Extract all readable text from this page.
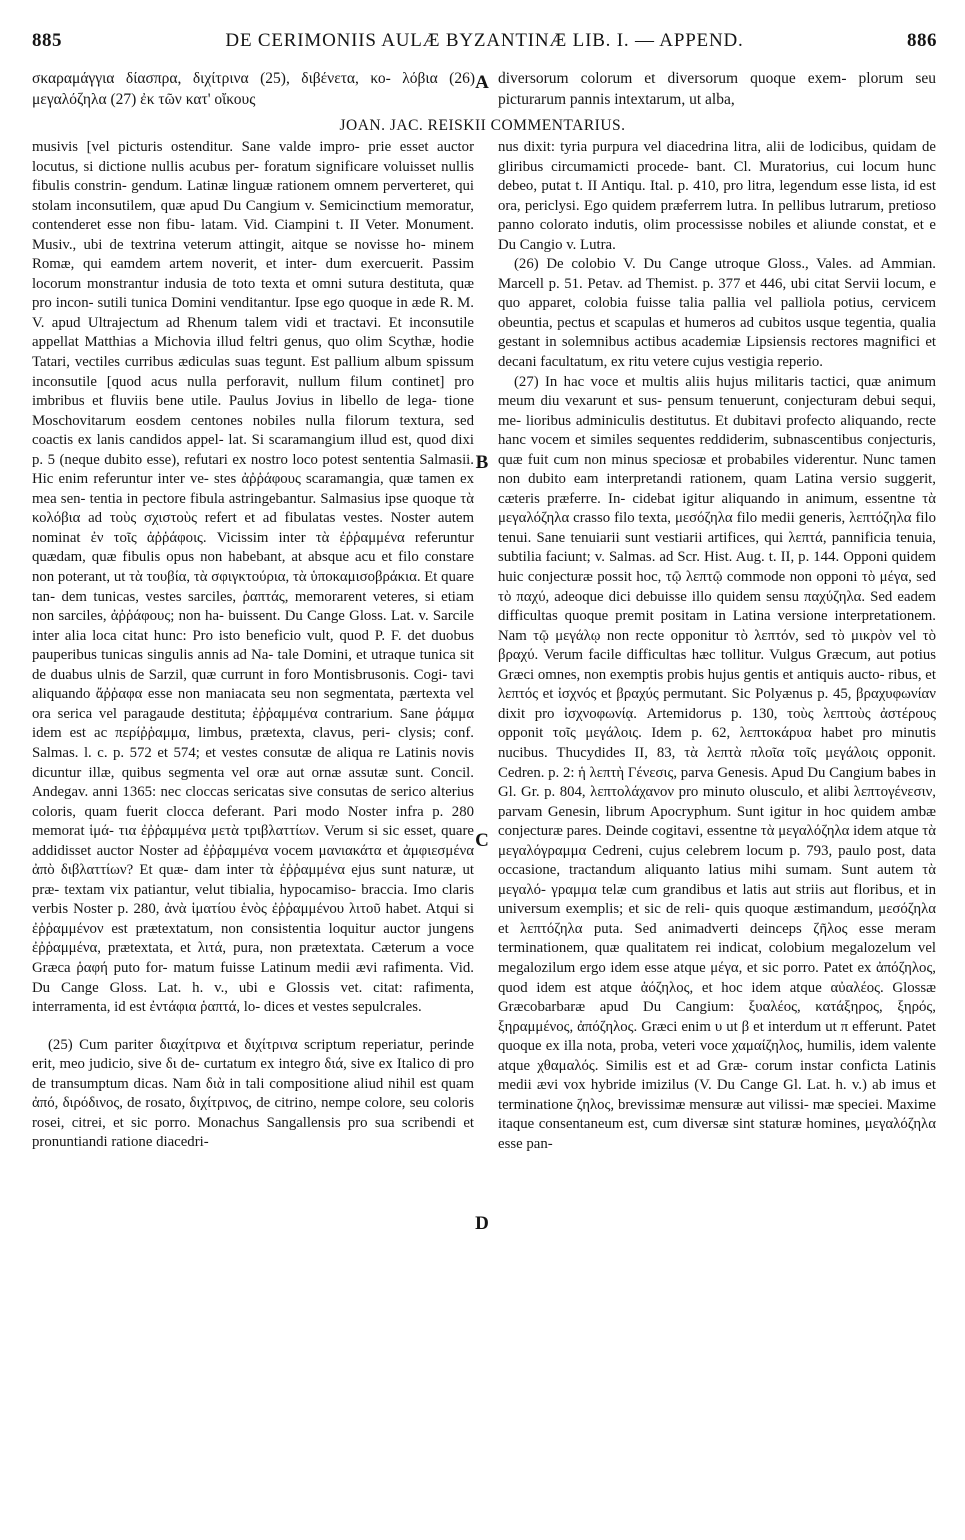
885	DE CERIMONIIS AULÆ BYZANTINÆ LIB. I. — APPEND.	886
σκαραμάγγια δίασπρα, διχίτρινα (25), διβένετα, κο- λόβια (26) μεγαλόζηλα (27) ἐκ τῶν κατ' οἴκους
diversorum colorum et diversorum quoque exem- plorum seu picturarum pannis intextarum, ut alba,
A
JOAN. JAC. REISKII COMMENTARIUS.

musivis [vel picturis ostenditur. Sane valde impro- prie esset auctor locutus, si dictione nullis acubus per- foratum significare voluisset nullis fibulis constrin- gendum. Latinæ linguæ rationem omnem perverteret, qui stolam inconsutilem, quæ apud Du Cangium v. Semicinctium memoratur, contenderet esse non fibu- latam. Vid. Ciampini t. II Veter. Monument. Musiv., ubi de textrina veterum attingit, aitque se novisse ho- minem Romæ, qui eamdem artem noverit, et inter- dum exercuerit. Passim locorum monstrantur indusia de toto texta et omni sutura destituta, quæ pro incon- sutili tunica Domini venditantur. Ipse ego quoque in æde R. M. V. apud Ultrajectum ad Rhenum talem vidi et tractavi. Et inconsutile appellat Matthias a Michovia illud feltri genus, quo olim Scythæ, hodie Tatari, vectiles curribus ædiculas suas tegunt. Est pallium album spissum inconsutile [quod acus nulla perforavit, nullum filum continet] pro imbribus et fluviis bene utile. Paulus Jovius in libello de lega- tione Moschovitarum eosdem centones nobiles nulla filorum textura, sed coactis ex lanis candidos appel- lat. Si scaramangium illud est, quod dixi p. 5 (neque dubito esse), refutari ex nostro loco potest sententia Salmasii. Hic enim referuntur inter ve- stes ἀῤῥάφους scaramangia, quæ tamen ex mea sen- tentia in pectore fibula astringebantur. Salmasius ipse quoque τὰ κολόβια ad τοὺς σχιστοὺς refert et ad fibulatas vestes. Noster autem nominat ἐν τοῖς ἀῤῥάφοις. Vicissim inter τὰ ἐῤῥαμμένα referuntur quædam, quæ fibulis opus non habebant, at absque acu et filo constare non poterant, ut τὰ τουβία, τὰ σφιγκτούρια, τὰ ὑποκαμισοβράκια. Et quare tan- dem tunicas, vestes sarciles, ῥαπτάς, memorarent veteres, si etiam non sarciles, ἀῤῥάφους; non ha- buissent. Du Cange Gloss. Lat. v. Sarcile inter alia loca citat hunc: Pro isto beneficio vult, quod P. F. det duobus pauperibus tunicas singulis annis ad Na- tale Domini, et utraque tunica sit de duabus ulnis de Sarzil, quæ currunt in foro Montisbrusonis. Cogi- tavi aliquando ἄῤῥαφα esse non maniacata seu non segmentata, pærtexta vel ora serica vel paragaude destituta; ἐῤῥαμμένα contrarium. Sane ῥάμμα idem est ac περίῤῥαμμα, limbus, prætexta, clavus, peri- clysis; conf. Salmas. l. c. p. 572 et 574; et vestes consutæ de aliqua re Latinis novis dicuntur illæ, quibus segmenta vel oræ aut ornæ assutæ sunt. Concil. Andegav. anni 1365: nec cloccas sericatas sive consutas de serico alterius coloris, quam fuerit clocca deferant. Pari modo Noster infra p. 280 memorat ἱμά- τια ἐῤῥαμμένα μετὰ τριβλαττίων. Verum si sic esset, quare addidisset auctor Noster ad ἐῤῥαμμένα vocem μανιακάτα et ἀμφιεσμένα ἀπὸ διβλαττίων? Et quæ- dam inter τὰ ἐῤῥαμμένα ejus sunt naturæ, ut præ- textam vix patiantur, velut tibialia, hypocamiso- braccia. Imo claris verbis Noster p. 280, ἀνὰ ἱματίου ἑνὸς ἐῤῥαμμένου λιτοῦ habet. Atqui si ἐῤῥαμμένον est prætextatum, non consistentia loquitur auctor jungens ἐῤῥαμμένα, prætextata, et λιτά, pura, non prætextata. Cæterum a voce Græca ῥαφή puto for- matum fuisse Latinum medii ævi rafimenta. Vid. Du Cange Gloss. Lat. h. v., ubi e Glossis vet. citat: rafimenta, interramenta, id est ἐντάφια ῥαπτά, lo- dices et vestes sepulcrales.

(25) Cum pariter διαχίτρινα et διχίτρινα scriptum reperiatur, perinde erit, meo judicio, sive δι de- curtatum ex integro διά, sive ex Italico di pro de transumptum dicas. Nam διὰ in tali compositione aliud nihil est quam ἀπό, διρόδινος, de rosato, διχίτρινος, de citrino, nempe colore, seu coloris rosei, citrei, et sic porro. Monachus Sangallensis pro sua scribendi et pronuntiandi ratione diacedri-

nus dixit: tyria purpura vel diacedrina litra, alii de lodicibus, quidam de gliribus circumamicti procede- bant. Cl. Muratorius, cui locum hunc debeo, putat t. II Antiqu. Ital. p. 410, pro litra, legendum esse lista, id est ora, periclysi. Ego quidem præferrem lutra. In pellibus lutrarum, pretioso panno colorato indutis, olim processisse nobiles et aliunde constat, et e Du Cangio v. Lutra.

(26) De colobio V. Du Cange utroque Gloss., Vales. ad Ammian. Marcell p. 51. Petav. ad Themist. p. 377 et 446, ubi citat Servii locum, e quo apparet, colobia fuisse talia pallia vel palliola potius, cervicem obeuntia, pectus et scapulas et humeros ad cubitos usque tegentia, qualia gestant in solemnibus actibus academiæ Lipsiensis rectores magnifici et decani facultatum, ex ritu vetere cujus vestigia reperio.

(27) In hac voce et multis aliis hujus militaris tactici, quæ animum meum diu vexarunt et sus- pensum tenuerunt, conjecturam debui sequi, me- lioribus adminiculis destitutus. Et dubitavi profecto aliquando, recte hanc vocem et similes sequentes reddiderim, subnascentibus conjecturis, quæ fuit cum non minus speciosæ et probabiles viderentur. Nunc tamen non dubito eam interpretandi rationem, quam Latina versio suggerit, cæteris præferre. In- cidebat igitur aliquando in animum, essentne τὰ μεγαλόζηλα crasso filo texta, μεσόζηλα filo medii generis, λεπτόζηλα filo tenui. Sane tenuiarii sunt vestiarii artifices, qui λεπτά, pannificia tenuia, subtilia faciunt; v. Salmas. ad Scr. Hist. Aug. t. II, p. 144. Opponi quidem huic conjecturæ possit hoc, τῷ λεπτῷ commode non opponi τὸ μέγα, sed τὸ παχύ, adeoque dici debuisse illo quidem sensu παχύζηλα. Sed eadem difficultas quoque premit positam in Latina versione interpretationem. Nam τῷ μεγάλῳ non recte opponitur τὸ λεπτόν, sed τὸ μικρὸν vel τὸ βραχύ. Verum facile difficultas hæc tollitur. Vulgus Græcum, aut potius Græci omnes, non exemptis probis hujus gentis et antiquis aucto- ribus, et λεπτός et ἰσχνός et βραχύς permutant. Sic Polyænus p. 45, βραχυφωνίαν dixit pro ἰσχνοφωνίᾳ. Artemidorus p. 130, τοὺς λεπτοὺς ἀστέρους opponit τοῖς μεγάλοις. Idem p. 62, λεπτοκάρυα habet pro minutis nucibus. Thucydides II, 83, τὰ λεπτὰ πλοῖα τοῖς μεγάλοις opponit. Cedren. p. 2: ἡ λεπτὴ Γένεσις, parva Genesis. Apud Du Cangium babes in Gl. Gr. p. 804, λεπτολάχανον pro minuto olusculo, et alibi λεπτογένεσιν, parvam Genesin, librum Apocryphum. Sunt igitur in hoc quidem ambæ conjecturæ pares. Deinde cogitavi, essentne τὰ μεγαλόζηλα idem atque τὰ μεγαλόγραμμα Cedreni, cujus celebrem locum p. 793, paulo post, data occasione, tractandum aliquanto latius mihi sumam. Sunt autem τὰ μεγαλό- γραμμα telæ cum grandibus et latis aut striis aut floribus, et in universum exemplis; et sic de reli- quis quoque æstimandum, μεσόζηλα et λεπτόζηλα puta. Sed animadverti deinceps ζῆλος esse meram terminationem, quæ qualitatem rei indicat, colobium megalozelum vel megalozilum ergo idem esse atque μέγα, et sic porro. Patet ex ἀπόζηλος, quod idem est atque ἀόζηλος, et hoc idem atque αὐαλέος. Glossæ Græcobarbaræ apud Du Cangium: ξυαλέος, κατάξηρος, ξηρός, ξηραμμένος, ἀπόζηλος. Græci enim υ ut β et interdum ut π efferunt. Patet quoque ex illa nota, proba, veteri voce χαμαίζηλος, humilis, idem valente atque χθαμαλός. Similis est et ad Græ- corum instar conficta Latinis medii ævi vox hybride imizilus (V. Du Cange Gl. Lat. h. v.) ab imus et terminatione ζηλος, brevissimæ mensuræ aut vilissi- mæ speciei. Maxime itaque consentaneum est, cum diversæ sint staturæ homines, μεγαλόζηλα esse pan-

B
C
D
